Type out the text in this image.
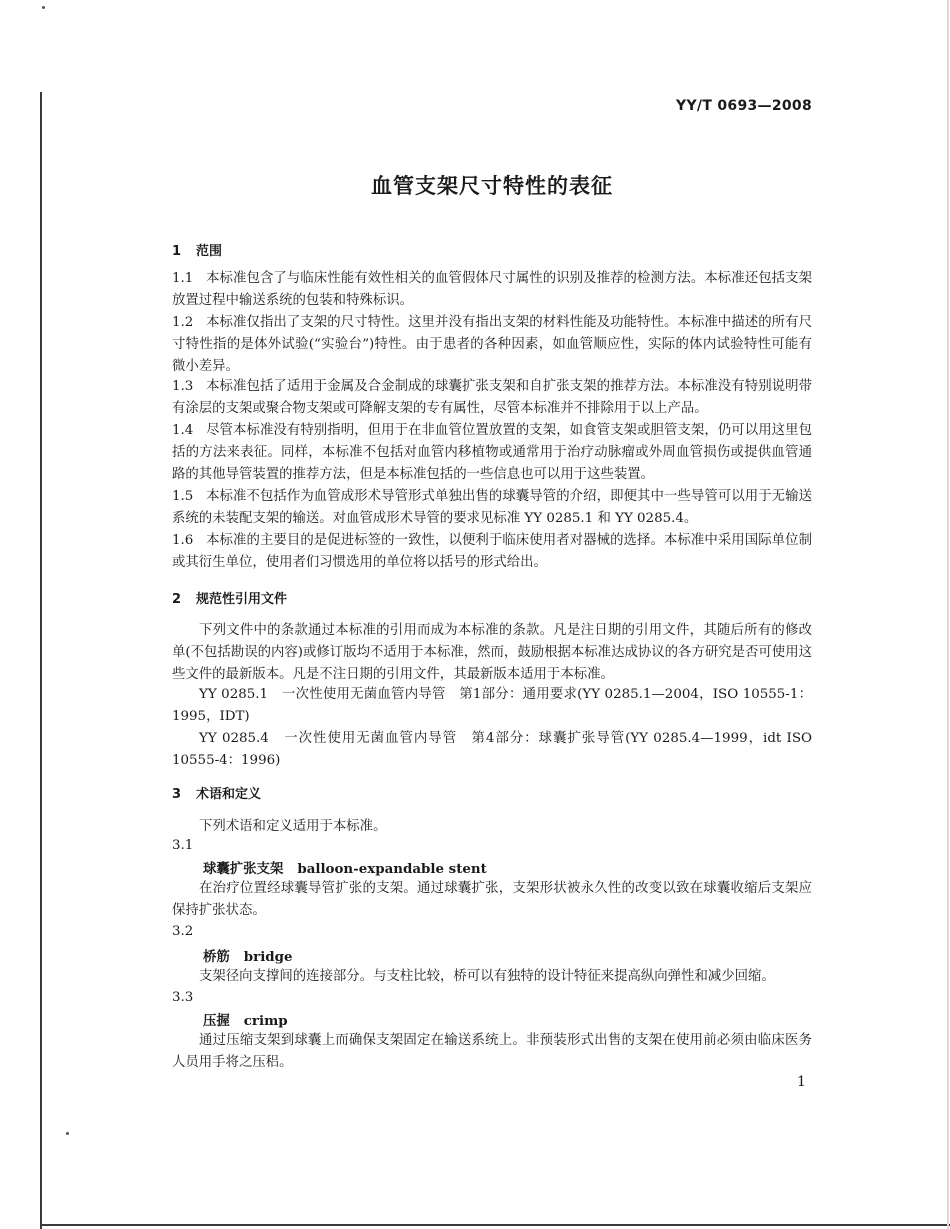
YY/T 0693—2008
血管支架尺寸特性的表征
1 范围

1.1 本标准包含了与临床性能有效性相关的血管假体尺寸属性的识别及推荐的检测方法。本标准还包括支架放置过程中输送系统的包装和特殊标识。

1.2 本标准仅指出了支架的尺寸特性。这里并没有指出支架的材料性能及功能特性。本标准中描述的所有尺寸特性指的是体外试验(“实验台”)特性。由于患者的各种因素，如血管顺应性，实际的体内试验特性可能有微小差异。

1.3 本标准包括了适用于金属及合金制成的球囊扩张支架和自扩张支架的推荐方法。本标准没有特别说明带有涂层的支架或聚合物支架或可降解支架的专有属性，尽管本标准并不排除用于以上产品。

1.4 尽管本标准没有特别指明，但用于在非血管位置放置的支架，如食管支架或胆管支架，仍可以用这里包括的方法来表征。同样，本标准不包括对血管内移植物或通常用于治疗动脉瘤或外周血管损伤或提供血管通路的其他导管装置的推荐方法，但是本标准包括的一些信息也可以用于这些装置。

1.5 本标准不包括作为血管成形术导管形式单独出售的球囊导管的介绍，即便其中一些导管可以用于无输送系统的未装配支架的输送。对血管成形术导管的要求见标准 YY 0285.1 和 YY 0285.4。

1.6 本标准的主要目的是促进标签的一致性，以便利于临床使用者对器械的选择。本标准中采用国际单位制或其衍生单位，使用者们习惯选用的单位将以括号的形式给出。

2 规范性引用文件

下列文件中的条款通过本标准的引用而成为本标准的条款。凡是注日期的引用文件，其随后所有的修改单(不包括勘误的内容)或修订版均不适用于本标准，然而，鼓励根据本标准达成协议的各方研究是否可使用这些文件的最新版本。凡是不注日期的引用文件，其最新版本适用于本标准。

YY 0285.1　一次性使用无菌血管内导管　第1部分：通用要求(YY 0285.1—2004，ISO 10555-1：1995，IDT)

YY 0285.4　一次性使用无菌血管内导管　第4部分：球囊扩张导管(YY 0285.4—1999，idt ISO 10555-4：1996)

3 术语和定义

下列术语和定义适用于本标准。

3.1
球囊扩张支架 balloon-expandable stent

在治疗位置经球囊导管扩张的支架。通过球囊扩张，支架形状被永久性的改变以致在球囊收缩后支架应保持扩张状态。

3.2
桥筋 bridge

支架径向支撑间的连接部分。与支柱比较，桥可以有独特的设计特征来提高纵向弹性和减少回缩。

3.3
压握 crimp

通过压缩支架到球囊上而确保支架固定在输送系统上。非预装形式出售的支架在使用前必须由临床医务人员用手将之压稆。

1
